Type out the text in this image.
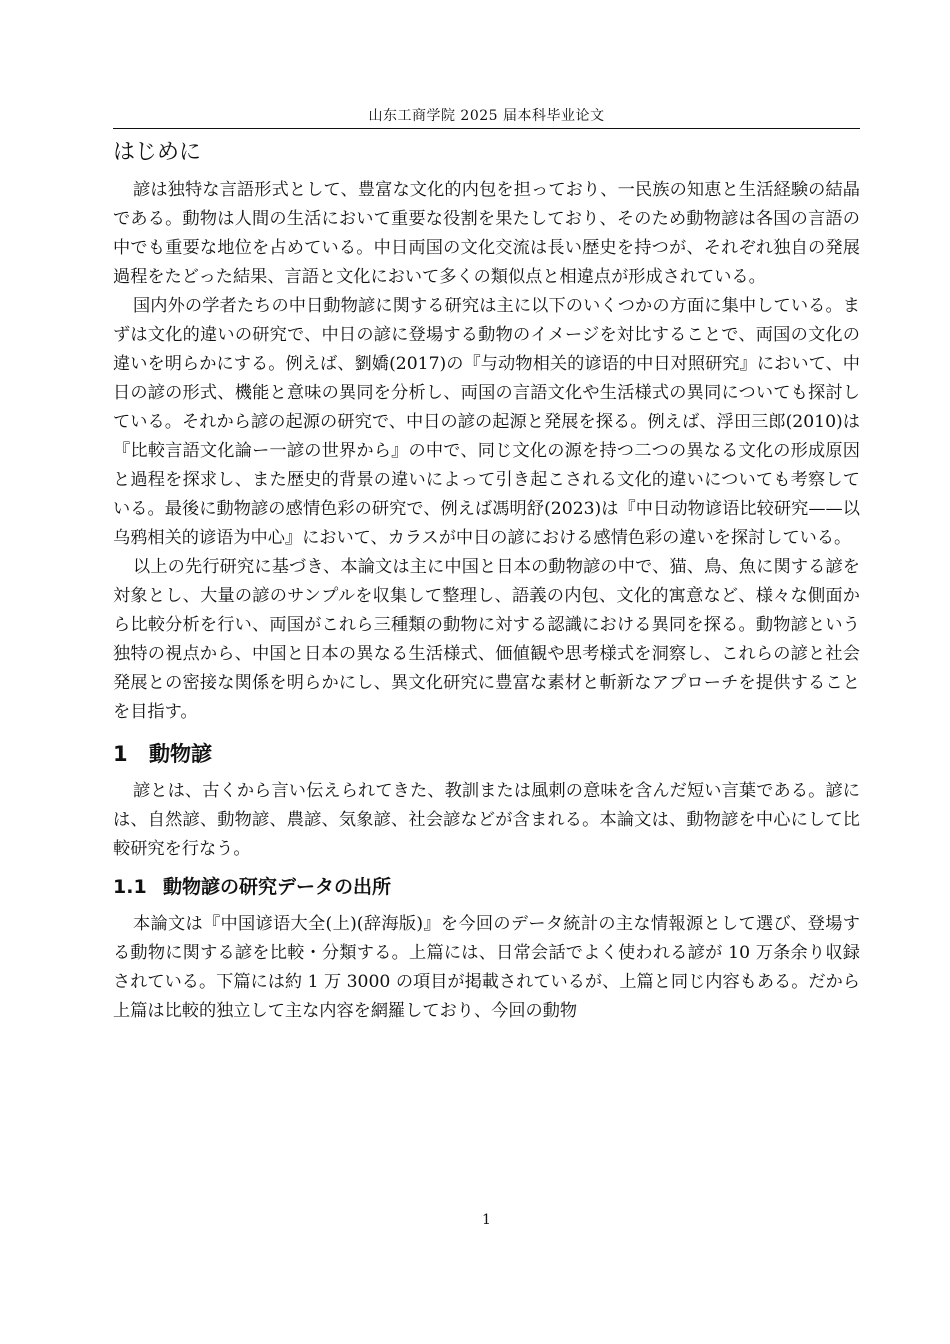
山东工商学院 2025 届本科毕业论文
はじめに

諺は独特な言語形式として、豊富な文化的内包を担っており、一民族の知恵と生活経験の結晶である。動物は人間の生活において重要な役割を果たしており、そのため動物諺は各国の言語の中でも重要な地位を占めている。中日両国の文化交流は長い歴史を持つが、それぞれ独自の発展過程をたどった結果、言語と文化において多くの類似点と相違点が形成されている。

国内外の学者たちの中日動物諺に関する研究は主に以下のいくつかの方面に集中している。まずは文化的違いの研究で、中日の諺に登場する動物のイメージを対比することで、両国の文化の違いを明らかにする。例えば、劉嬌(2017)の『与动物相关的谚语的中日对照研究』において、中日の諺の形式、機能と意味の異同を分析し、両国の言語文化や生活様式の異同についても探討している。それから諺の起源の研究で、中日の諺の起源と発展を探る。例えば、浮田三郎(2010)は『比較言語文化論ー一諺の世界から』の中で、同じ文化の源を持つ二つの異なる文化の形成原因と過程を探求し、また歴史的背景の違いによって引き起こされる文化的違いについても考察している。最後に動物諺の感情色彩の研究で、例えば馮明舒(2023)は『中日动物谚语比较研究——以乌鸦相关的谚语为中心』において、カラスが中日の諺における感情色彩の違いを探討している。

以上の先行研究に基づき、本論文は主に中国と日本の動物諺の中で、猫、鳥、魚に関する諺を対象とし、大量の諺のサンプルを収集して整理し、語義の内包、文化的寓意など、様々な側面から比較分析を行い、両国がこれら三種類の動物に対する認識における異同を探る。動物諺という独特の視点から、中国と日本の異なる生活様式、価値観や思考様式を洞察し、これらの諺と社会発展との密接な関係を明らかにし、異文化研究に豊富な素材と斬新なアプローチを提供することを目指す。

1 動物諺

諺とは、古くから言い伝えられてきた、教訓または風刺の意味を含んだ短い言葉である。諺には、自然諺、動物諺、農諺、気象諺、社会諺などが含まれる。本論文は、動物諺を中心にして比較研究を行なう。

1.1 動物諺の研究データの出所

本論文は『中国谚语大全(上)(辞海版)』を今回のデータ統計の主な情報源として選び、登場する動物に関する諺を比較・分類する。上篇には、日常会話でよく使われる諺が 10 万条余り収録されている。下篇には約 1 万 3000 の項目が掲載されているが、上篇と同じ内容もある。だから上篇は比較的独立して主な内容を網羅しており、今回の動物

1
